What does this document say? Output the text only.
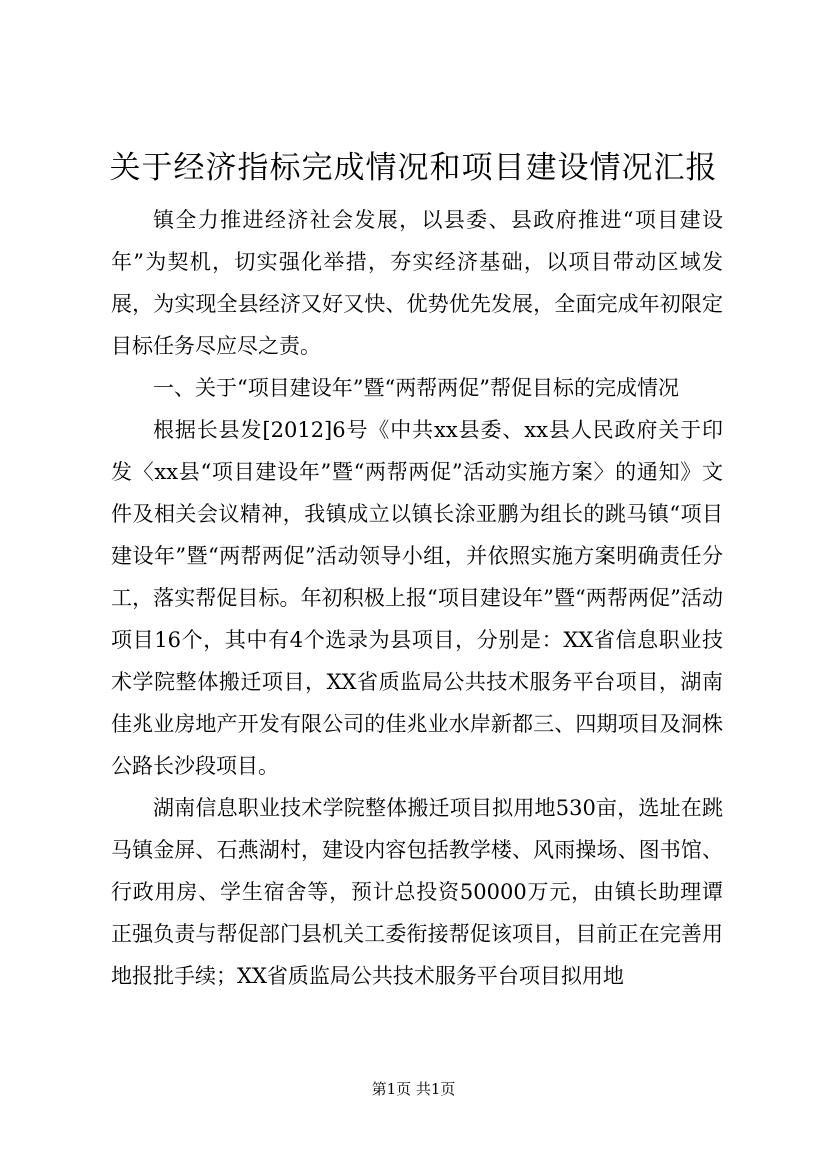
关于经济指标完成情况和项目建设情况汇报

镇全力推进经济社会发展，以县委、县政府推进“项目建设年”为契机，切实强化举措，夯实经济基础，以项目带动区域发展，为实现全县经济又好又快、优势优先发展，全面完成年初限定目标任务尽应尽之责。

一、关于“项目建设年”暨“两帮两促”帮促目标的完成情况

根据长县发[2012]6号《中共xx县委、xx县人民政府关于印发〈xx县“项目建设年”暨“两帮两促”活动实施方案〉的通知》文件及相关会议精神，我镇成立以镇长涂亚鹏为组长的跳马镇“项目建设年”暨“两帮两促”活动领导小组，并依照实施方案明确责任分工，落实帮促目标。年初积极上报“项目建设年”暨“两帮两促”活动项目16个，其中有4个选录为县项目，分别是：XX省信息职业技术学院整体搬迁项目，XX省质监局公共技术服务平台项目，湖南佳兆业房地产开发有限公司的佳兆业水岸新都三、四期项目及洞株公路长沙段项目。

湖南信息职业技术学院整体搬迁项目拟用地530亩，选址在跳马镇金屏、石燕湖村，建设内容包括教学楼、风雨操场、图书馆、行政用房、学生宿舍等，预计总投资50000万元，由镇长助理谭正强负责与帮促部门县机关工委衔接帮促该项目，目前正在完善用地报批手续；XX省质监局公共技术服务平台项目拟用地

第1页 共1页
